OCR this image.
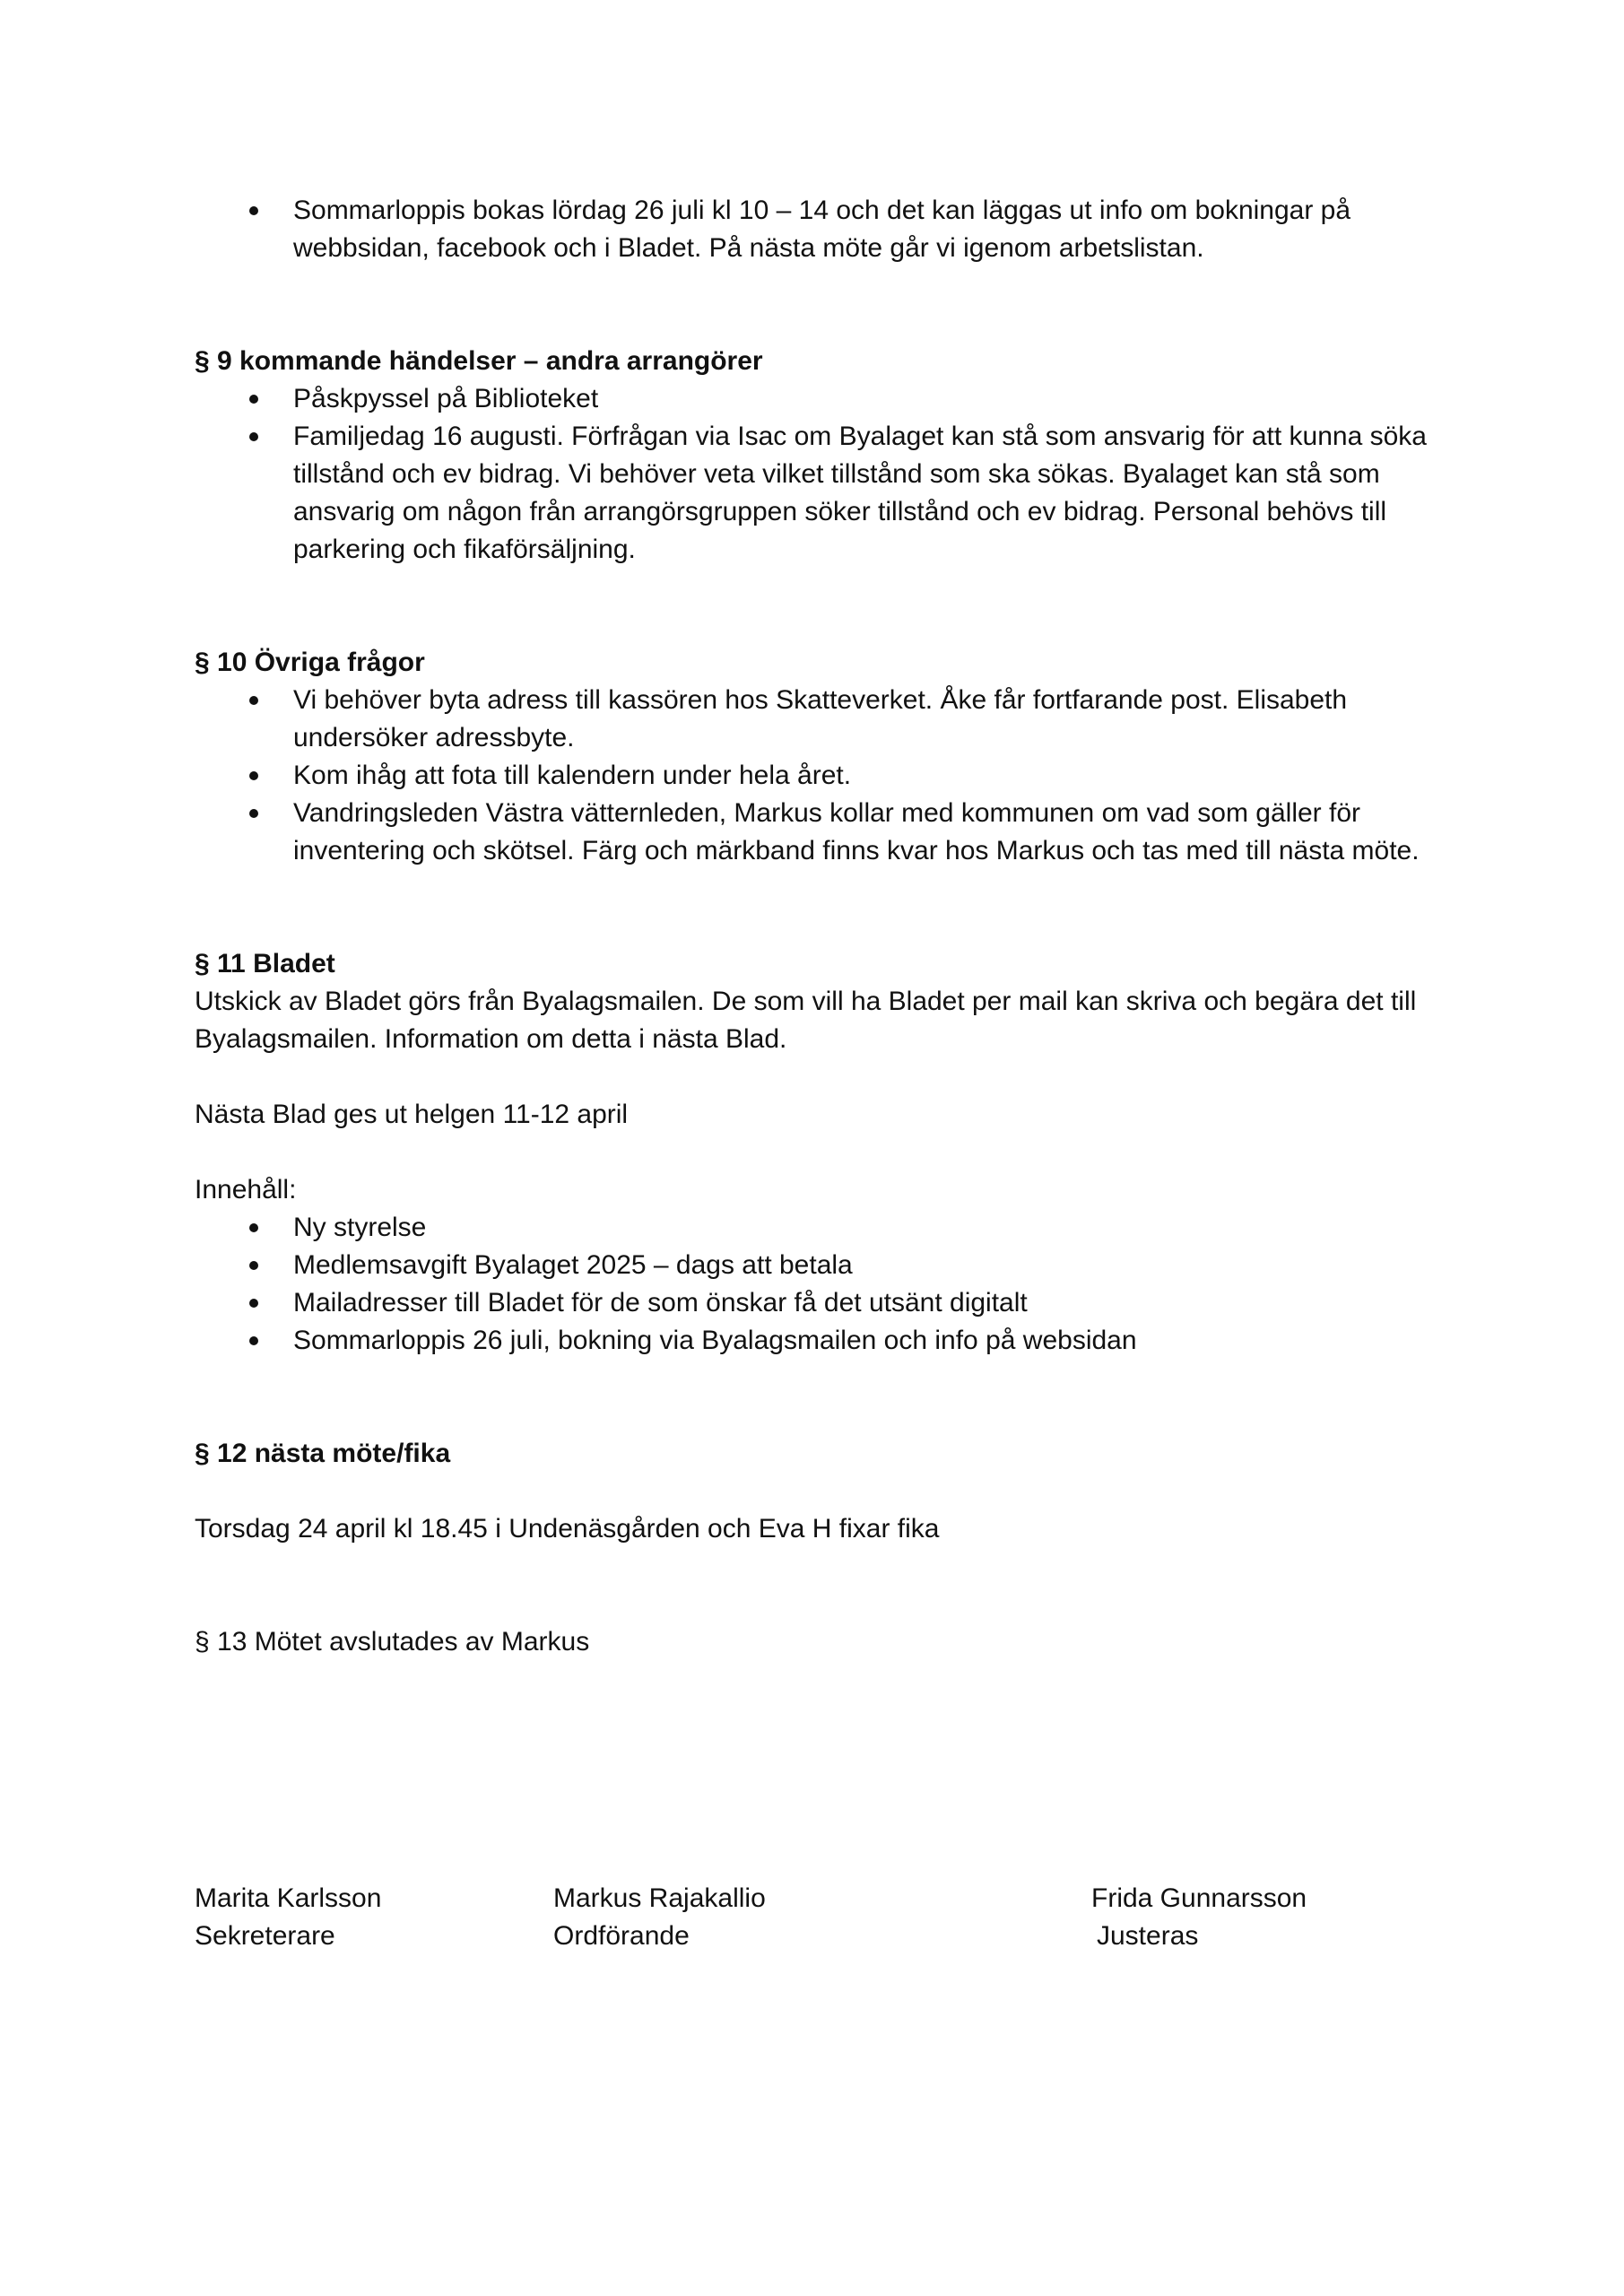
Sommarloppis bokas lördag 26 juli kl 10 – 14 och det kan läggas ut info om bokningar på webbsidan, facebook och i Bladet. På nästa möte går vi igenom arbetslistan.

§ 9 kommande händelser – andra arrangörer

Påskpyssel på Biblioteket
Familjedag 16 augusti. Förfrågan via Isac om Byalaget kan stå som ansvarig för att kunna söka tillstånd och ev bidrag. Vi behöver veta vilket tillstånd som ska sökas. Byalaget kan stå som ansvarig om någon från arrangörsgruppen söker tillstånd och ev bidrag. Personal behövs till parkering och fikaförsäljning.

§ 10 Övriga frågor

Vi behöver byta adress till kassören hos Skatteverket. Åke får fortfarande post. Elisabeth undersöker adressbyte.
Kom ihåg att fota till kalendern under hela året.
Vandringsleden Västra vätternleden, Markus kollar med kommunen om vad som gäller för inventering och skötsel. Färg och märkband finns kvar hos Markus och tas med till nästa möte.

§ 11 Bladet

Utskick av Bladet görs från Byalagsmailen. De som vill ha Bladet per mail kan skriva och begära det till Byalagsmailen. Information om detta i nästa Blad.

Nästa Blad ges ut helgen 11-12 april

Innehåll:

Ny styrelse
Medlemsavgift Byalaget 2025 – dags att betala
Mailadresser till Bladet för de som önskar få det utsänt digitalt
Sommarloppis 26 juli, bokning via Byalagsmailen och info på websidan

§ 12 nästa möte/fika

Torsdag 24 april kl 18.45 i Undenäsgården och Eva H fixar fika

§ 13 Mötet avslutades av Markus

Marita Karlsson

Sekreterare

Markus Rajakallio

Ordförande

Frida Gunnarsson

Justeras
